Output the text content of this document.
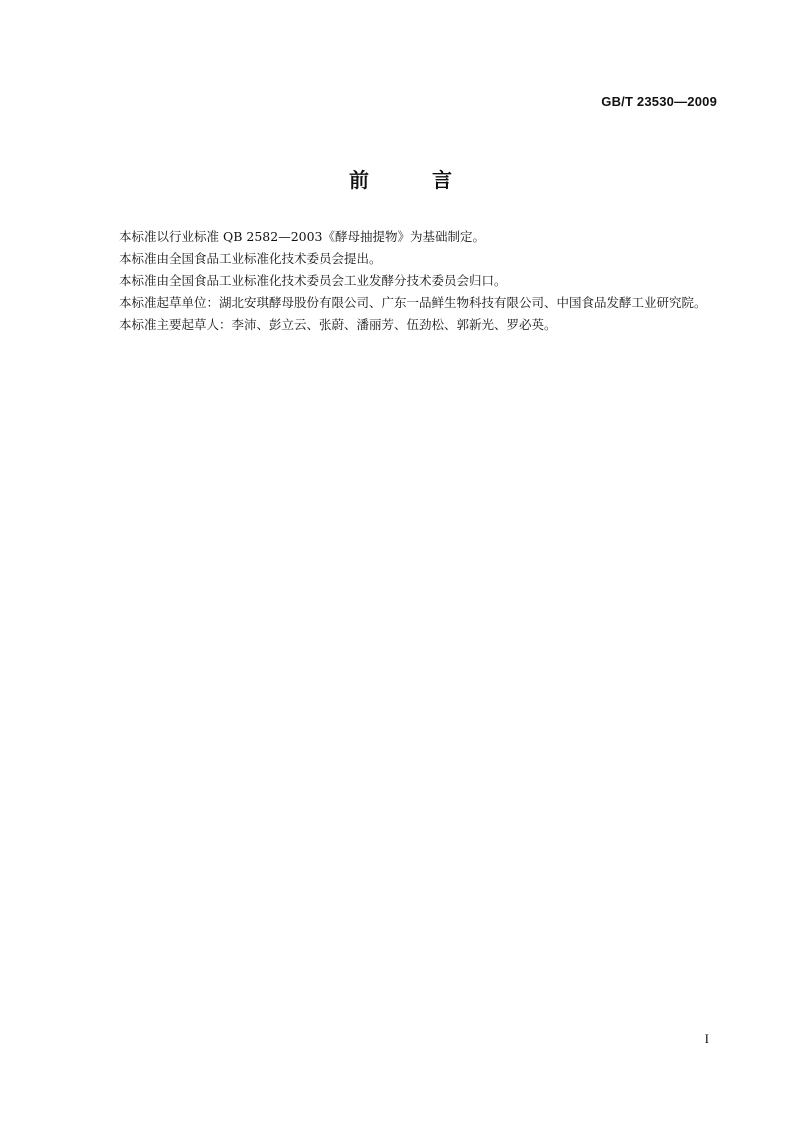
GB/T 23530—2009
前 言

本标准以行业标准 QB 2582—2003《酵母抽提物》为基础制定。

本标准由全国食品工业标准化技术委员会提出。

本标准由全国食品工业标准化技术委员会工业发酵分技术委员会归口。

本标准起草单位：湖北安琪酵母股份有限公司、广东一品鲜生物科技有限公司、中国食品发酵工业研究院。

本标准主要起草人：李沛、彭立云、张蔚、潘丽芳、伍劲松、郭新光、罗必英。

I
